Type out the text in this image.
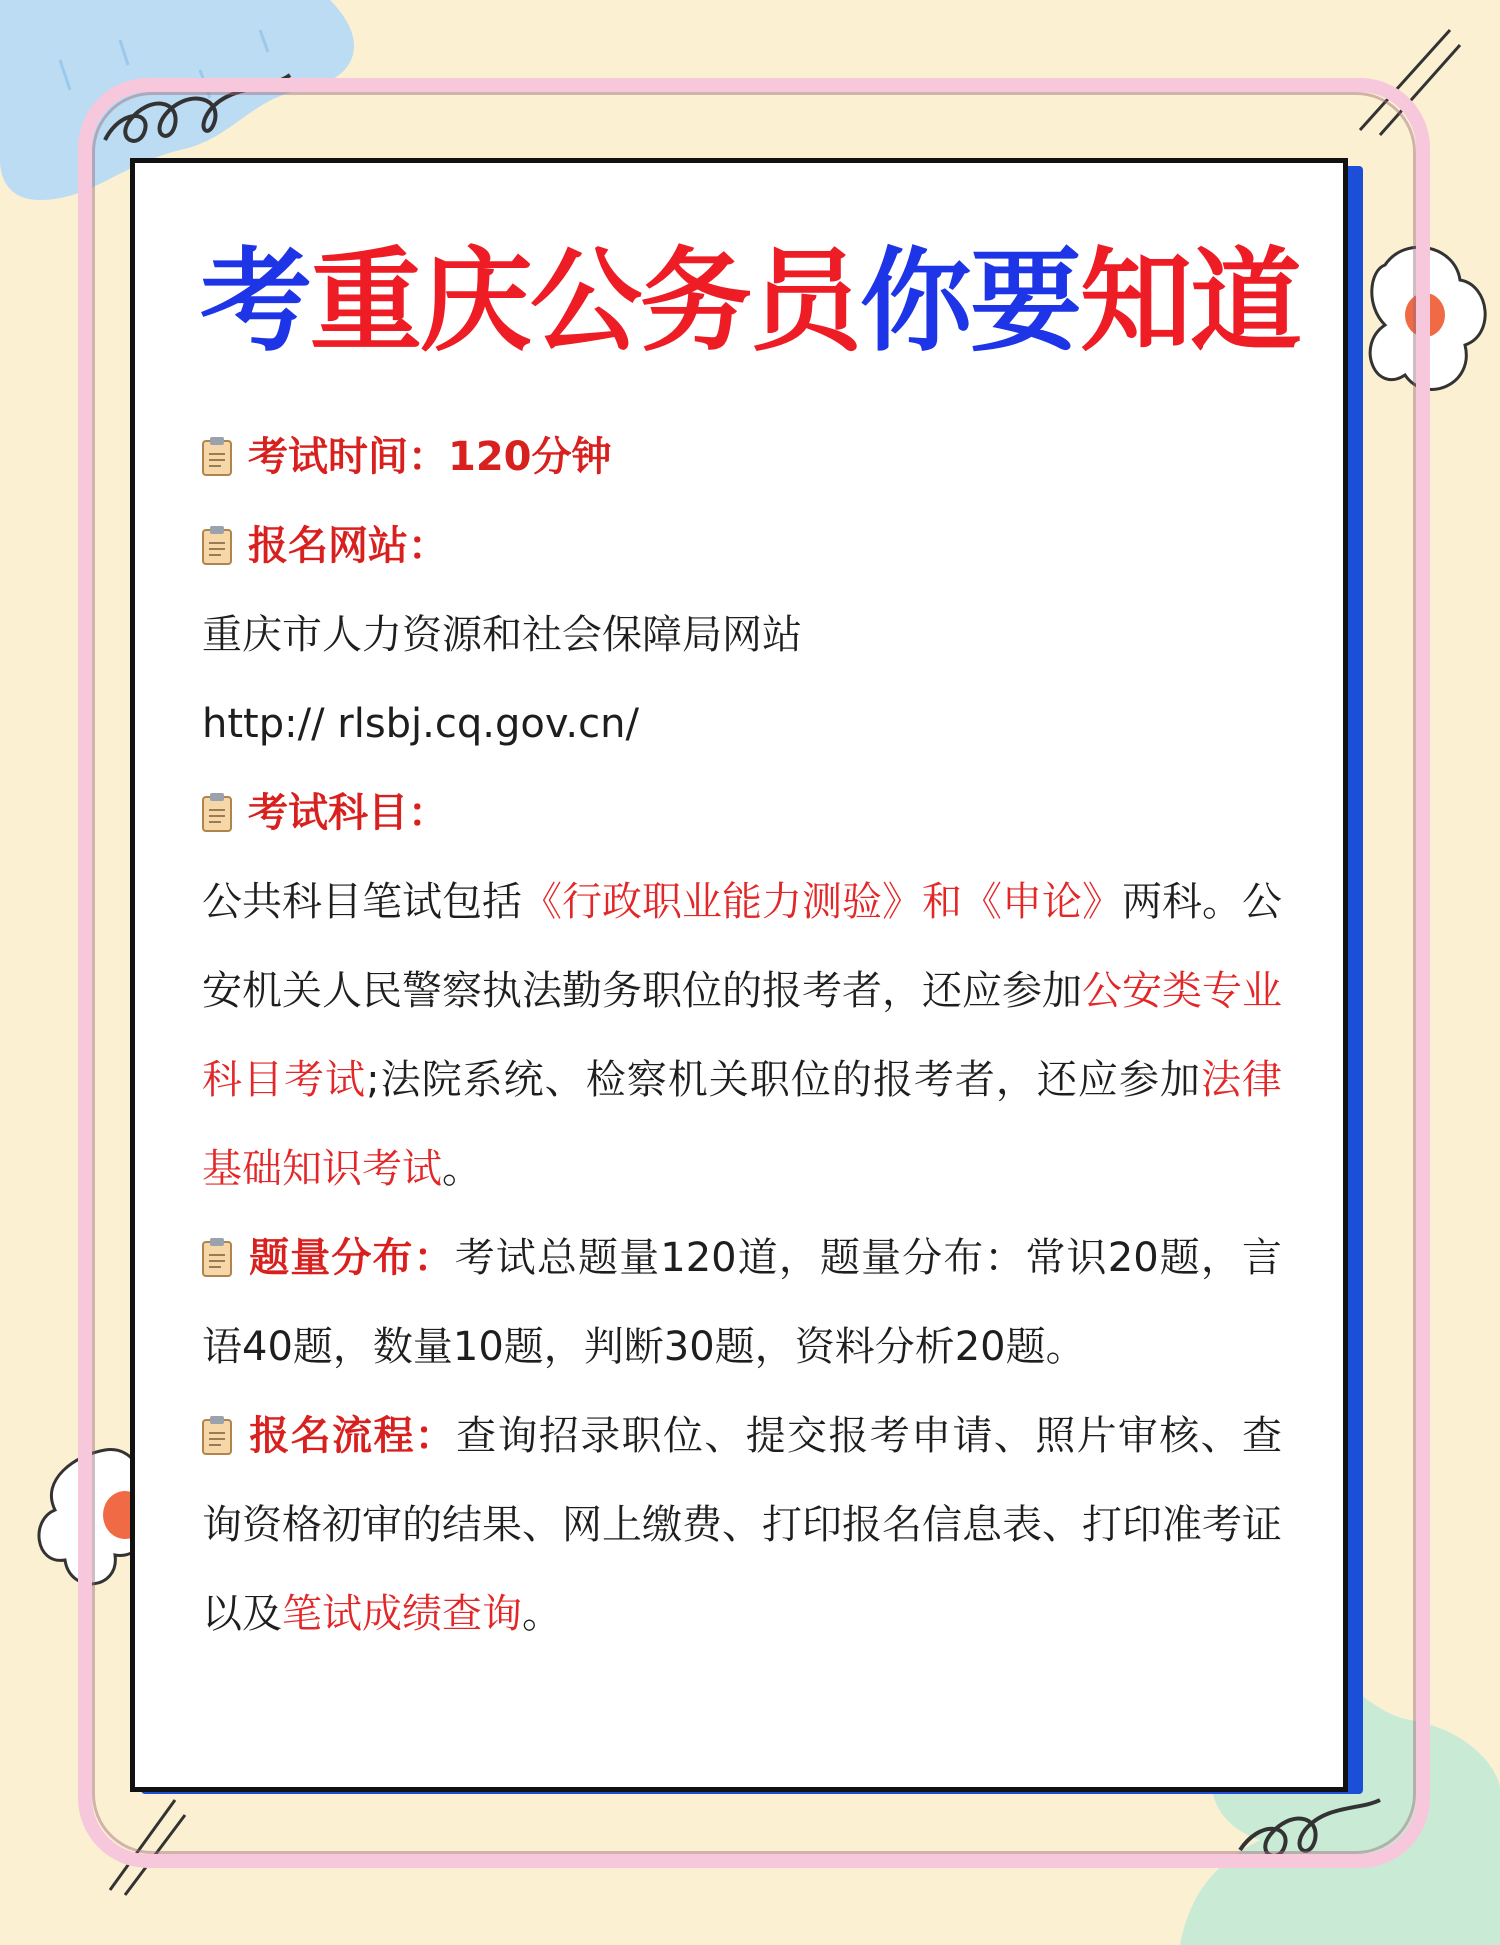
考重庆公务员你要知道

考试时间：120分钟

报名网站：

重庆市人力资源和社会保障局网站

http:// rlsbj.cq.gov.cn/

考试科目：

公共科目笔试包括《行政职业能力测验》和《申论》两科。公安机关人民警察执法勤务职位的报考者，还应参加公安类专业科目考试;法院系统、检察机关职位的报考者，还应参加法律基础知识考试。

题量分布：考试总题量120道，题量分布：常识20题，言语40题，数量10题，判断30题，资料分析20题。

报名流程：查询招录职位、提交报考申请、照片审核、查询资格初审的结果、网上缴费、打印报名信息表、打印准考证以及笔试成绩查询。
